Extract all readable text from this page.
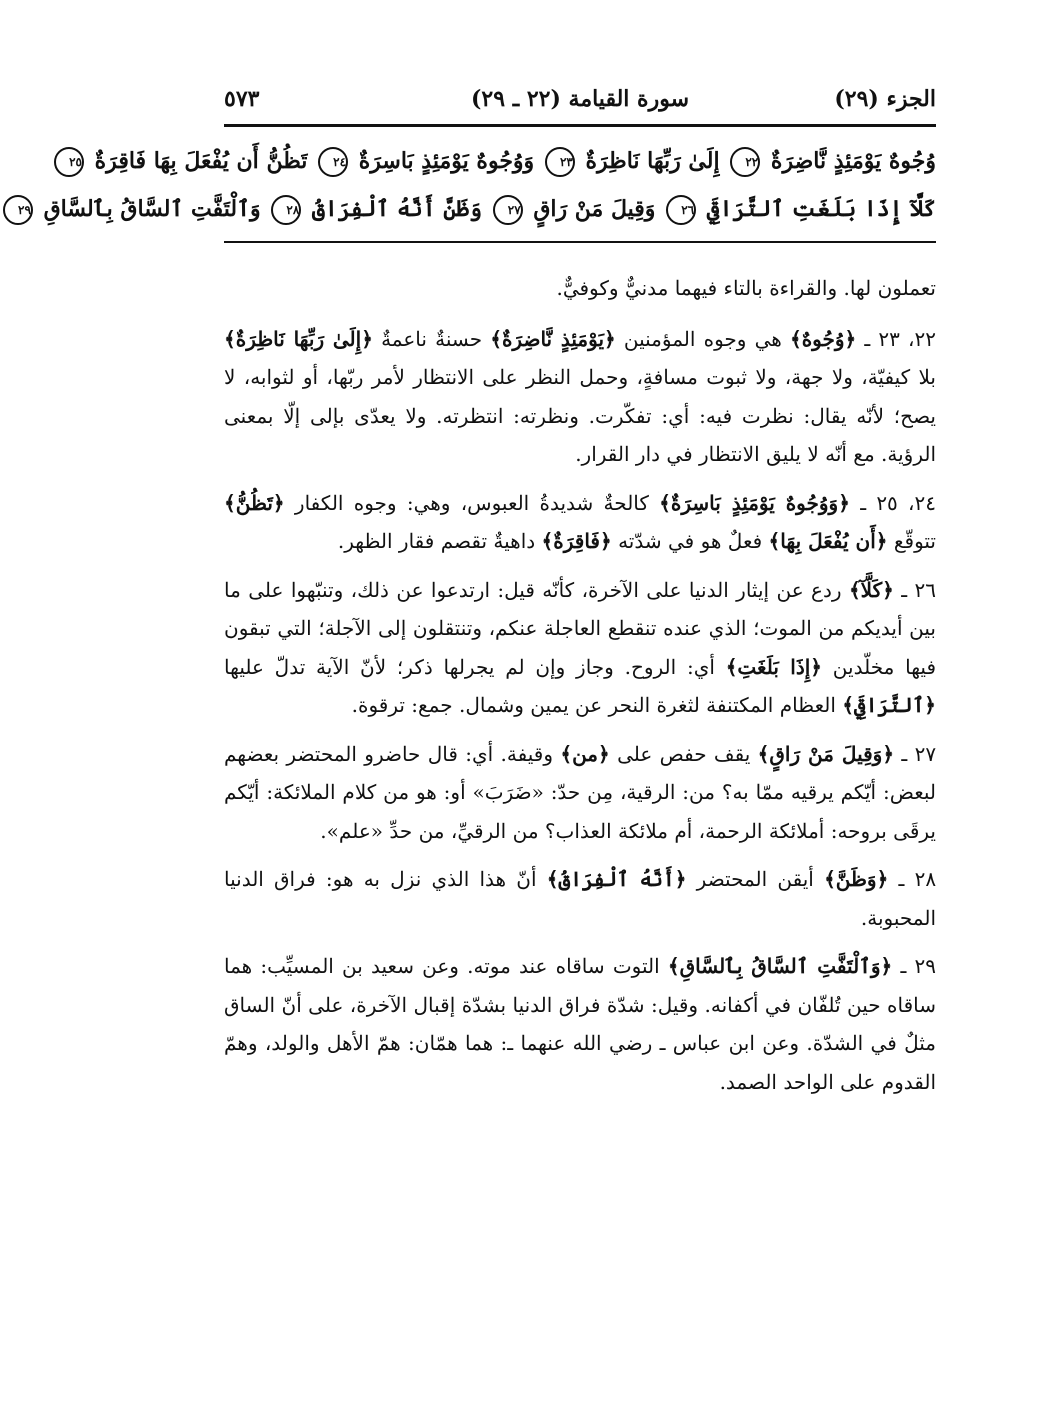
الجزء (٢٩)
سورة القيامة (٢٢ ـ ٢٩)
٥٧٣
وُجُوهٌ يَوْمَئِذٍ نَّاضِرَةٌ ٢٢ إِلَىٰ رَبِّهَا نَاظِرَةٌ ٢٣ وَوُجُوهٌ يَوْمَئِذٍ بَاسِرَةٌ ٢٤ تَظُنُّ أَن يُفْعَلَ بِهَا فَاقِرَةٌ ٢٥
كَلَّآ إِذَا بَلَغَتِ ٱلتَّرَاقِيَ ٢٦ وَقِيلَ مَنْ رَاقٍ ٢٧ وَظَنَّ أَنَّهُ ٱلْفِرَاقُ ٢٨ وَٱلْتَفَّتِ ٱلسَّاقُ بِٱلسَّاقِ ٢٩

تعملون لها. والقراءة بالتاء فيهما مدنيٌّ وكوفيٌّ.

٢٢، ٢٣ ـ ﴿وُجُوهٌ﴾ هي وجوه المؤمنين ﴿يَوْمَئِذٍ نَّاضِرَةٌ﴾ حسنةٌ ناعمةٌ ﴿إِلَىٰ رَبِّهَا نَاظِرَةٌ﴾ بلا كيفيّة، ولا جهة، ولا ثبوت مسافةٍ، وحمل النظر على الانتظار لأمر ربّها، أو لثوابه، لا يصح؛ لأنّه يقال: نظرت فيه: أي: تفكّرت. ونظرته: انتظرته. ولا يعدّى بإلى إلّا بمعنى الرؤية. مع أنّه لا يليق الانتظار في دار القرار.

٢٤، ٢٥ ـ ﴿وَوُجُوهٌ يَوْمَئِذٍ بَاسِرَةٌ﴾ كالحةٌ شديدةُ العبوس، وهي: وجوه الكفار ﴿تَظُنُّ﴾ تتوقّع ﴿أَن يُفْعَلَ بِهَا﴾ فعلٌ هو في شدّته ﴿فَاقِرَةٌ﴾ داهيةٌ تقصم فقار الظهر.

٢٦ ـ ﴿كَلَّآ﴾ ردع عن إيثار الدنيا على الآخرة، كأنّه قيل: ارتدعوا عن ذلك، وتنبّهوا على ما بين أيديكم من الموت؛ الذي عنده تنقطع العاجلة عنكم، وتنتقلون إلى الآجلة؛ التي تبقون فيها مخلّدين ﴿إِذَا بَلَغَتِ﴾ أي: الروح. وجاز وإن لم يجرلها ذكر؛ لأنّ الآية تدلّ عليها ﴿ٱلتَّرَاقِيَ﴾ العظام المكتنفة لثغرة النحر عن يمين وشمال. جمع: ترقوة.

٢٧ ـ ﴿وَقِيلَ مَنْ رَاقٍ﴾ يقف حفص على ﴿من﴾ وقيفة. أي: قال حاضرو المحتضر بعضهم لبعض: أيّكم يرقيه ممّا به؟ من: الرقية، مِن حدّ: «ضَرَبَ» أو: هو من كلام الملائكة: أيّكم يرقَى بروحه: أملائكة الرحمة، أم ملائكة العذاب؟ من الرقيِّ، من حدِّ «علم».

٢٨ ـ ﴿وَظَنَّ﴾ أيقن المحتضر ﴿أَنَّهُ ٱلْفِرَاقُ﴾ أنّ هذا الذي نزل به هو: فراق الدنيا المحبوبة.

٢٩ ـ ﴿وَٱلْتَفَّتِ ٱلسَّاقُ بِٱلسَّاقِ﴾ التوت ساقاه عند موته. وعن سعيد بن المسيِّب: هما ساقاه حين تُلفّان في أكفانه. وقيل: شدّة فراق الدنيا بشدّة إقبال الآخرة، على أنّ الساق مثلٌ في الشدّة. وعن ابن عباس ـ رضي الله عنهما ـ: هما همّان: همّ الأهل والولد، وهمّ القدوم على الواحد الصمد.
